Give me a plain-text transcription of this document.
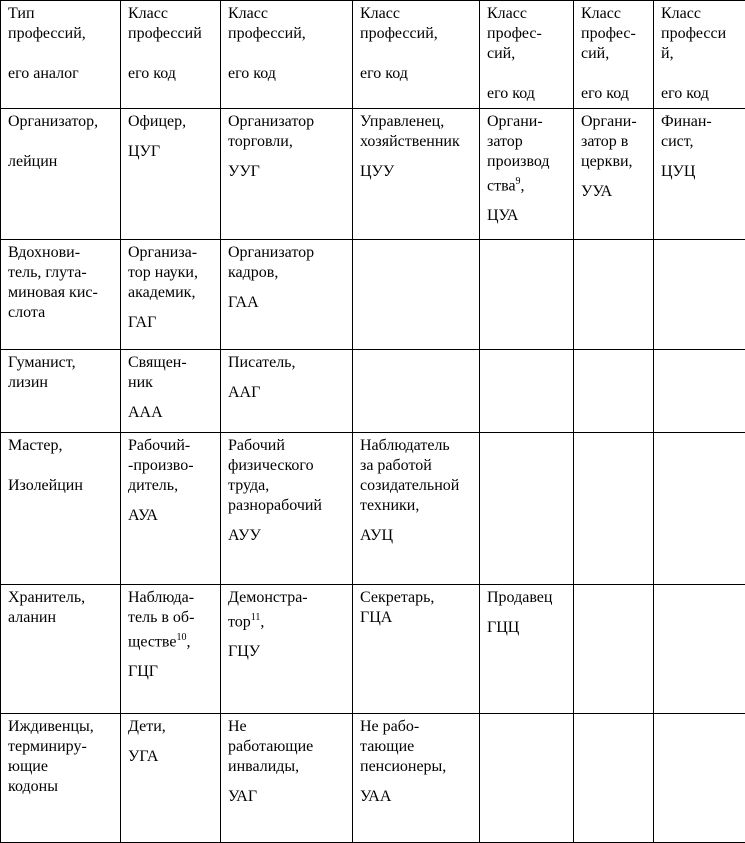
Тип
профессий,

его аналог	Класс
профессий

его код	Класс
профессий,

его код	Класс
профессий,

его код	Класс
профес-
сий,

его код	Класс
профес-
сий,

его код	Класс
професси
й,

его код

Организатор,

лейцин	Офицер,
ЦУГ	Организатор
торговли,
УУГ	Управленец,
хозяйственник
ЦУУ	Органи-
затор
производ
ства$^9$,
ЦУА	Органи-
затор в
церкви,
УУА	Финан-
сист,
ЦУЦ

Вдохнови-
тель, глута-
миновая кис-
слота	Организа-
тор науки,
академик,
ГАГ	Организатор
кадров,
ГАА				

Гуманист,
лизин	Священ-
ник
ААА	Писатель,
ААГ				

Мастер,

Изолейцин	Рабочий-
-произво-
дитель,
АУА	Рабочий
физического
труда,
разнорабочий
АУУ	Наблюдатель
за работой
созидательной
техники,
АУЦ			

Хранитель,
аланин	Наблюда-
тель в об-
ществе$^{10}$,
ГЦГ	Демонстра-
тор$^{11}$,
ГЦУ	Секретарь,
ГЦА	Продавец
ГЦЦ		

Иждивенцы,
терминиру-
ющие
кодоны	Дети,
УГА	Не
работающие
инвалиды,
УАГ	Не рабо-
тающие
пенсионеры,
УАА			
